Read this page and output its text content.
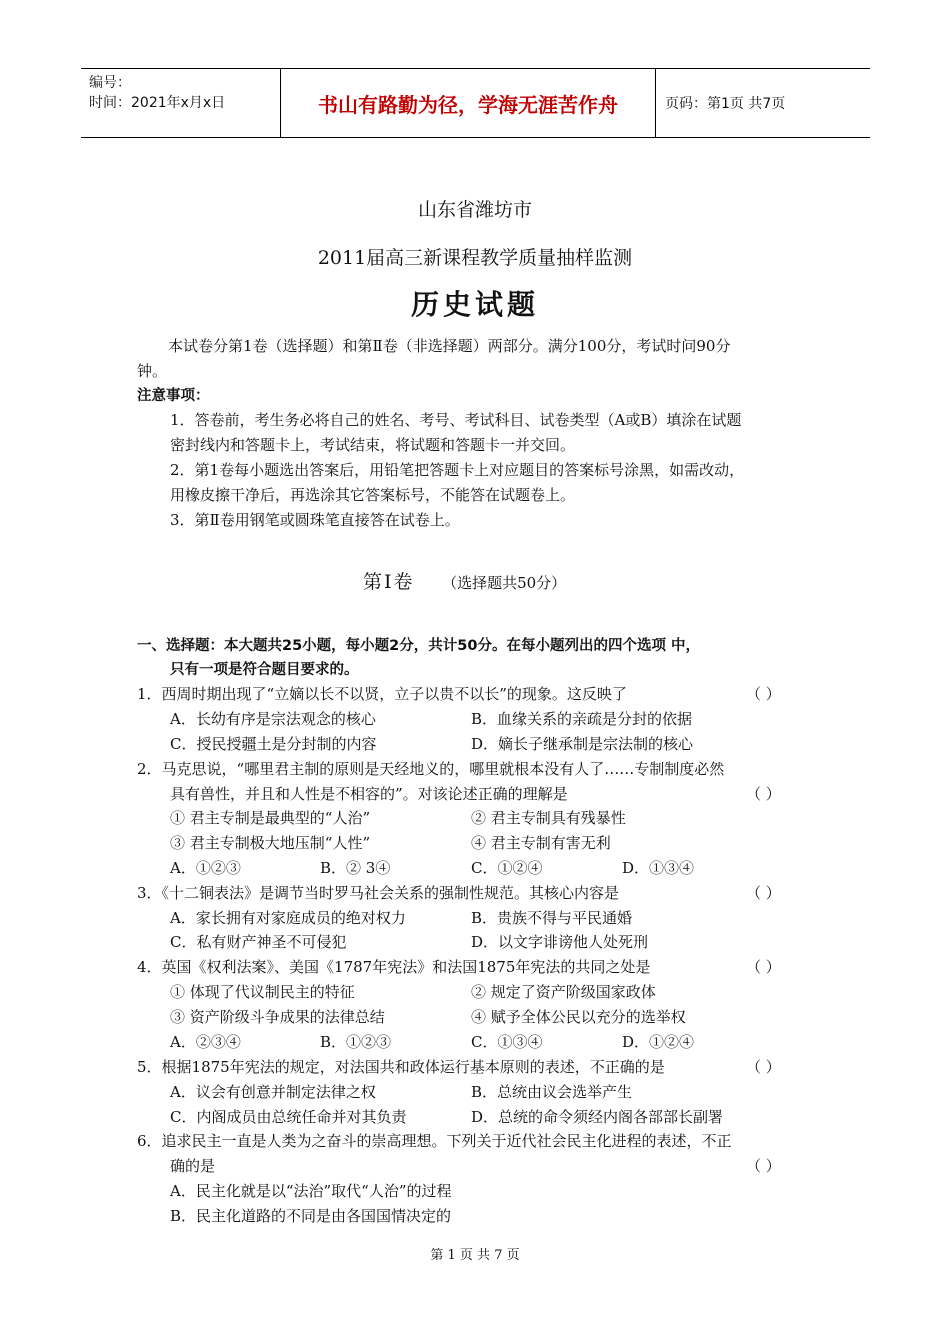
编号：
时间：2021年x月x日	书山有路勤为径，学海无涯苦作舟	页码：第1页 共7页
山东省潍坊市
2011届高三新课程教学质量抽样监测
历史试题
本试卷分第1卷（选择题）和第Ⅱ卷（非选择题）两部分。满分100分，考试时问90分
钟。
注意事项：
1．答卷前，考生务必将自己的姓名、考号、考试科目、试卷类型（A或B）填涂在试题
密封线内和答题卡上，考试结束，将试题和答题卡一并交回。
2．第1卷每小题选出答案后，用铅笔把答题卡上对应题目的答案标号涂黑，如需改动，
用橡皮擦干净后，再选涂其它答案标号，不能答在试题卷上。
3．第Ⅱ卷用钢笔或圆珠笔直接答在试卷上。
第Ⅰ卷 （选择题共50分）
一、选择题：本大题共25小题，每小题2分，共计50分。在每小题列出的四个选项 中，
只有一项是符合题目要求的。
1．西周时期出现了“立嫡以长不以贤，立子以贵不以长”的现象。这反映了	（ ）
A．长幼有序是宗法观念的核心	B．血缘关系的亲疏是分封的依据
C．授民授疆土是分封制的内容	D．嫡长子继承制是宗法制的核心
2．马克思说，“哪里君主制的原则是天经地义的，哪里就根本没有人了……专制制度必然
具有兽性，并且和人性是不相容的”。对该论述正确的理解是	（ ）
① 君主专制是最典型的“人治”	② 君主专制具有残暴性
③ 君主专制极大地压制“人性”	④ 君主专制有害无利
A．①②③	B．② 3④	C．①②④	D．①③④
3．《十二铜表法》是调节当时罗马社会关系的强制性规范。其核心内容是	（ ）
A．家长拥有对家庭成员的绝对权力	B．贵族不得与平民通婚
C．私有财产神圣不可侵犯	D．以文字诽谤他人处死刑
4．英国《权利法案》、美国《1787年宪法》和法国1875年宪法的共同之处是	（ ）
① 体现了代议制民主的特征	② 规定了资产阶级国家政体
③ 资产阶级斗争成果的法律总结	④ 赋予全体公民以充分的选举权
A．②③④	B．①②③	C．①③④	D．①②④
5．根据1875年宪法的规定，对法国共和政体运行基本原则的表述，不正确的是	（ ）
A．议会有创意并制定法律之权	B．总统由议会选举产生
C．内阁成员由总统任命并对其负责	D．总统的命令须经内阁各部部长副署
6．追求民主一直是人类为之奋斗的崇高理想。下列关于近代社会民主化进程的表述，不正
确的是	（ ）
A．民主化就是以“法治”取代“人治”的过程
B．民主化道路的不同是由各国国情决定的
第 1 页 共 7 页
